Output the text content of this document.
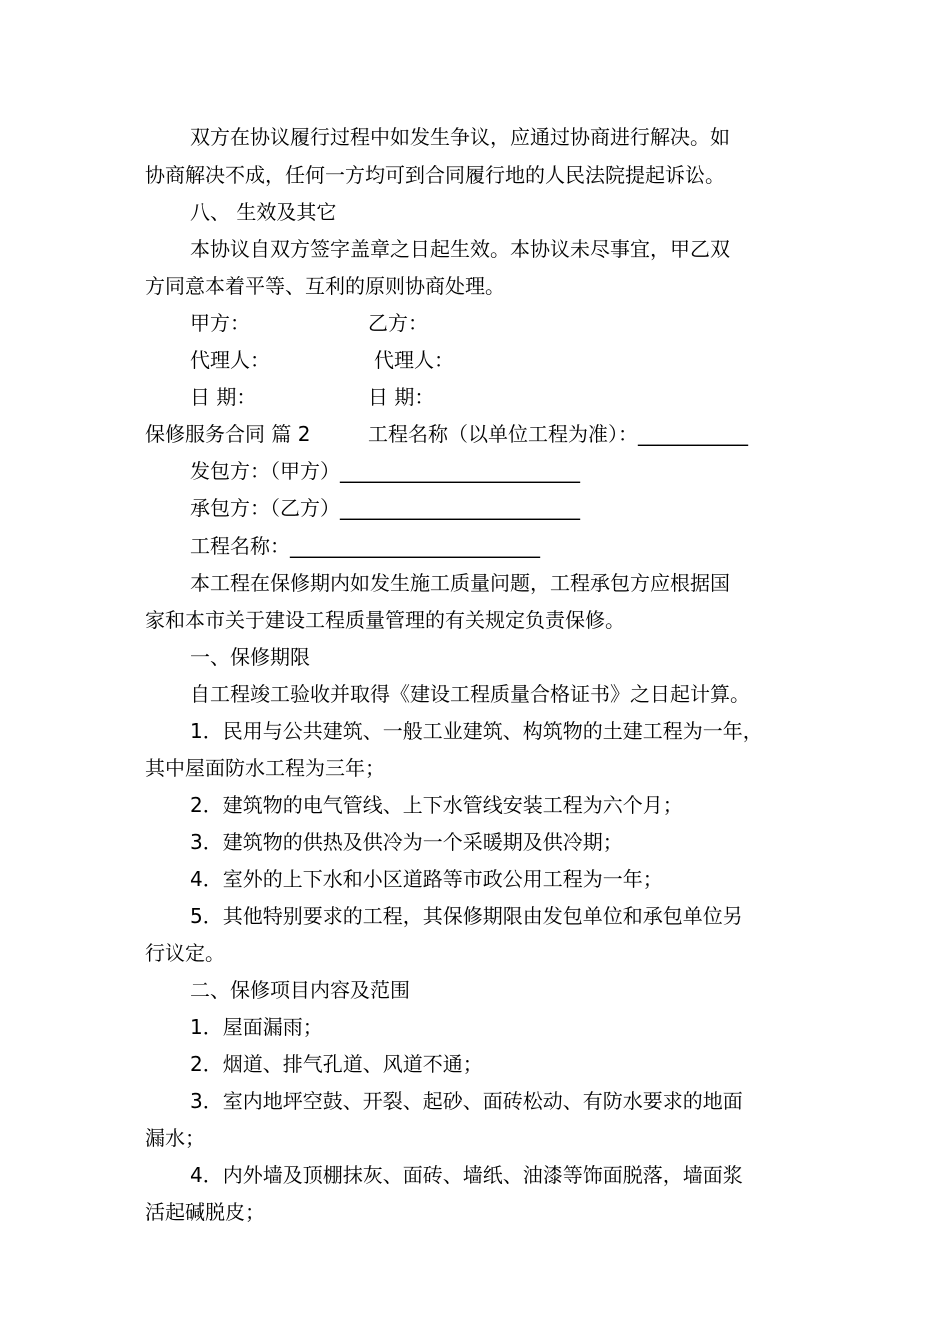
双方在协议履行过程中如发生争议，应通过协商进行解决。如

协商解决不成，任何一方均可到合同履行地的人民法院提起诉讼。

八、 生效及其它

本协议自双方签字盖章之日起生效。本协议未尽事宜，甲乙双

方同意本着平等、互利的原则协商处理。

甲方：	乙方：
代理人：	代理人：
日 期：	日 期：
保修服务合同 篇 2	工程名称（以单位工程为准）：___________

发包方：（甲方）________________________

承包方：（乙方）________________________

工程名称：_________________________

本工程在保修期内如发生施工质量问题，工程承包方应根据国

家和本市关于建设工程质量管理的有关规定负责保修。

一、保修期限

自工程竣工验收并取得《建设工程质量合格证书》之日起计算。

1．民用与公共建筑、一般工业建筑、构筑物的土建工程为一年，

其中屋面防水工程为三年；

2．建筑物的电气管线、上下水管线安装工程为六个月；

3．建筑物的供热及供冷为一个采暖期及供冷期；

4．室外的上下水和小区道路等市政公用工程为一年；

5．其他特别要求的工程，其保修期限由发包单位和承包单位另

行议定。

二、保修项目内容及范围

1．屋面漏雨；

2．烟道、排气孔道、风道不通；

3．室内地坪空鼓、开裂、起砂、面砖松动、有防水要求的地面

漏水；

4．内外墙及顶棚抹灰、面砖、墙纸、油漆等饰面脱落，墙面浆

活起碱脱皮；
